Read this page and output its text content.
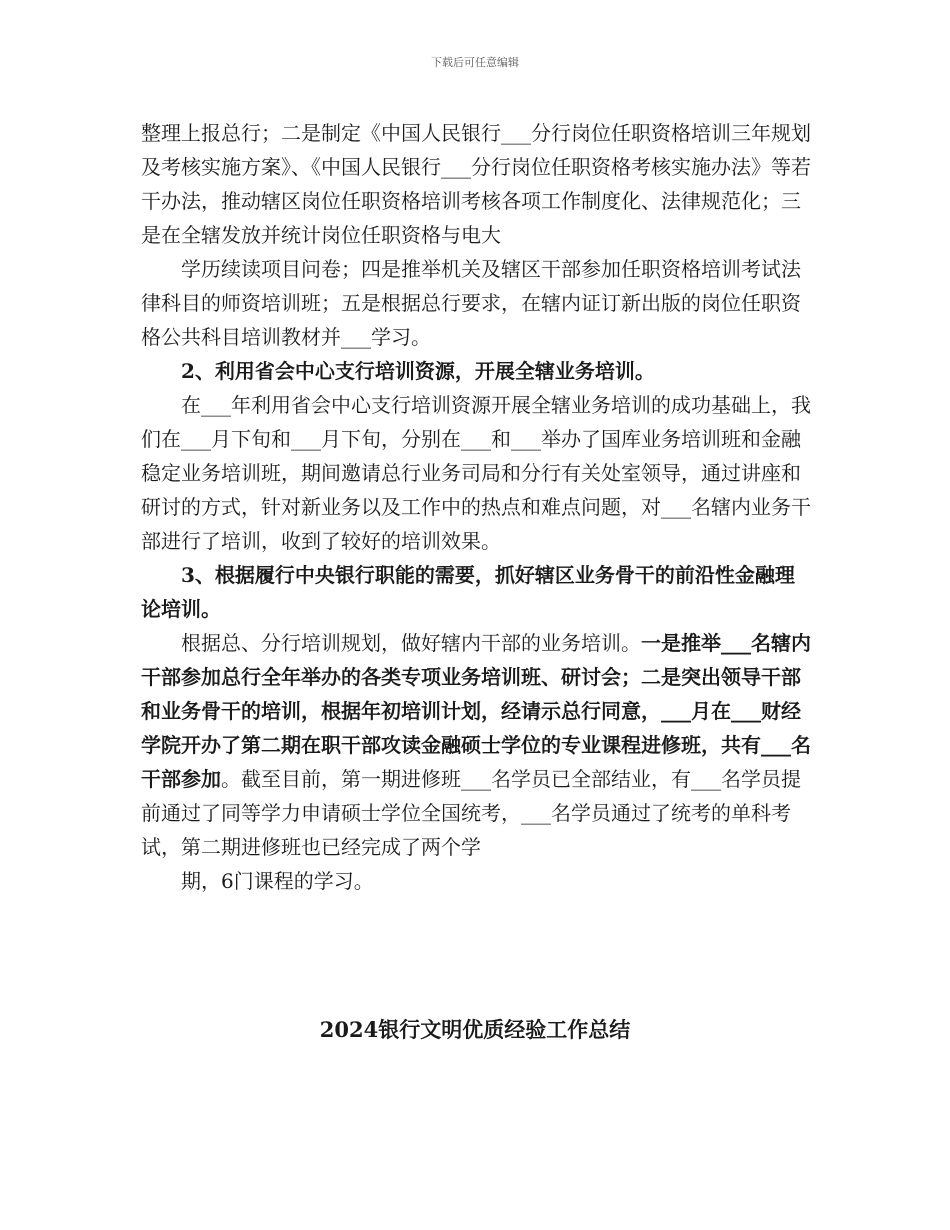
下载后可任意编辑

整理上报总行；二是制定《中国人民银行___分行岗位任职资格培训三年规划及考核实施方案》、《中国人民银行___分行岗位任职资格考核实施办法》等若干办法，推动辖区岗位任职资格培训考核各项工作制度化、法律规范化；三是在全辖发放并统计岗位任职资格与电大

学历续读项目问卷；四是推举机关及辖区干部参加任职资格培训考试法律科目的师资培训班；五是根据总行要求，在辖内证订新出版的岗位任职资格公共科目培训教材并___学习。

2、利用省会中心支行培训资源，开展全辖业务培训。

在___年利用省会中心支行培训资源开展全辖业务培训的成功基础上，我们在___月下旬和___月下旬，分别在___和___举办了国库业务培训班和金融稳定业务培训班，期间邀请总行业务司局和分行有关处室领导，通过讲座和研讨的方式，针对新业务以及工作中的热点和难点问题，对___名辖内业务干部进行了培训，收到了较好的培训效果。

3、根据履行中央银行职能的需要，抓好辖区业务骨干的前沿性金融理论培训。

根据总、分行培训规划，做好辖内干部的业务培训。一是推举___名辖内干部参加总行全年举办的各类专项业务培训班、研讨会；二是突出领导干部和业务骨干的培训，根据年初培训计划，经请示总行同意，___月在___财经学院开办了第二期在职干部攻读金融硕士学位的专业课程进修班，共有___名干部参加。截至目前，第一期进修班___名学员已全部结业，有___名学员提前通过了同等学力申请硕士学位全国统考，___名学员通过了统考的单科考试，第二期进修班也已经完成了两个学

期，6门课程的学习。

2024银行文明优质经验工作总结
